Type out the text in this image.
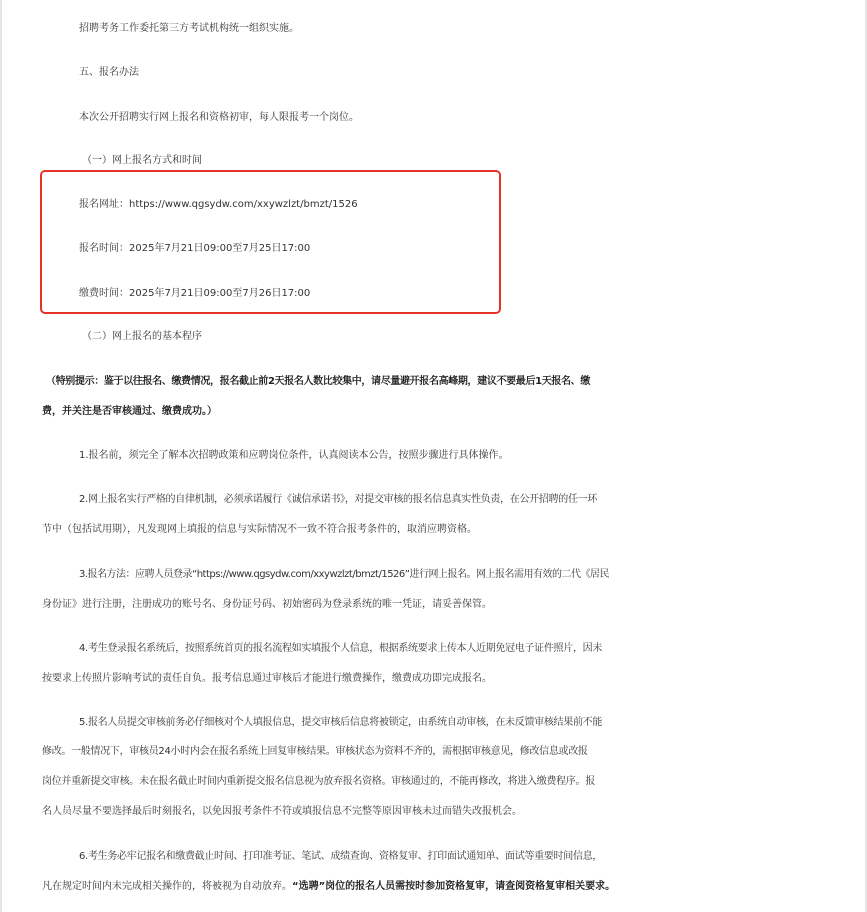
招聘考务工作委托第三方考试机构统一组织实施。
五、报名办法
本次公开招聘实行网上报名和资格初审，每人限报考一个岗位。
（一）网上报名方式和时间
报名网址：https://www.qgsydw.com/xxywzlzt/bmzt/1526
报名时间：2025年7月21日09:00至7月25日17:00
缴费时间：2025年7月21日09:00至7月26日17:00
（二）网上报名的基本程序
（特别提示：鉴于以往报名、缴费情况，报名截止前2天报名人数比较集中，请尽量避开报名高峰期，建议不要最后1天报名、缴
费，并关注是否审核通过、缴费成功。）
1.报名前，须完全了解本次招聘政策和应聘岗位条件，认真阅读本公告，按照步骤进行具体操作。
2.网上报名实行严格的自律机制，必须承诺履行《诚信承诺书》，对提交审核的报名信息真实性负责，在公开招聘的任一环
节中（包括试用期），凡发现网上填报的信息与实际情况不一致不符合报考条件的，取消应聘资格。
3.报名方法：应聘人员登录“https://www.qgsydw.com/xxywzlzt/bmzt/1526”进行网上报名。网上报名需用有效的二代《居民
身份证》进行注册，注册成功的账号名、身份证号码、初始密码为登录系统的唯一凭证，请妥善保管。
4.考生登录报名系统后，按照系统首页的报名流程如实填报个人信息，根据系统要求上传本人近期免冠电子证件照片，因未
按要求上传照片影响考试的责任自负。报考信息通过审核后才能进行缴费操作，缴费成功即完成报名。
5.报名人员提交审核前务必仔细核对个人填报信息，提交审核后信息将被锁定，由系统自动审核，在未反馈审核结果前不能
修改。一般情况下，审核员24小时内会在报名系统上回复审核结果。审核状态为资料不齐的，需根据审核意见，修改信息或改报
岗位并重新提交审核。未在报名截止时间内重新提交报名信息视为放弃报名资格。审核通过的，不能再修改，将进入缴费程序。报
名人员尽量不要选择最后时刻报名，以免因报考条件不符或填报信息不完整等原因审核未过而错失改报机会。
6.考生务必牢记报名和缴费截止时间、打印准考证、笔试、成绩查询、资格复审、打印面试通知单、面试等重要时间信息，
凡在规定时间内未完成相关操作的，将被视为自动放弃。“选聘”岗位的报名人员需按时参加资格复审，请查阅资格复审相关要求。
